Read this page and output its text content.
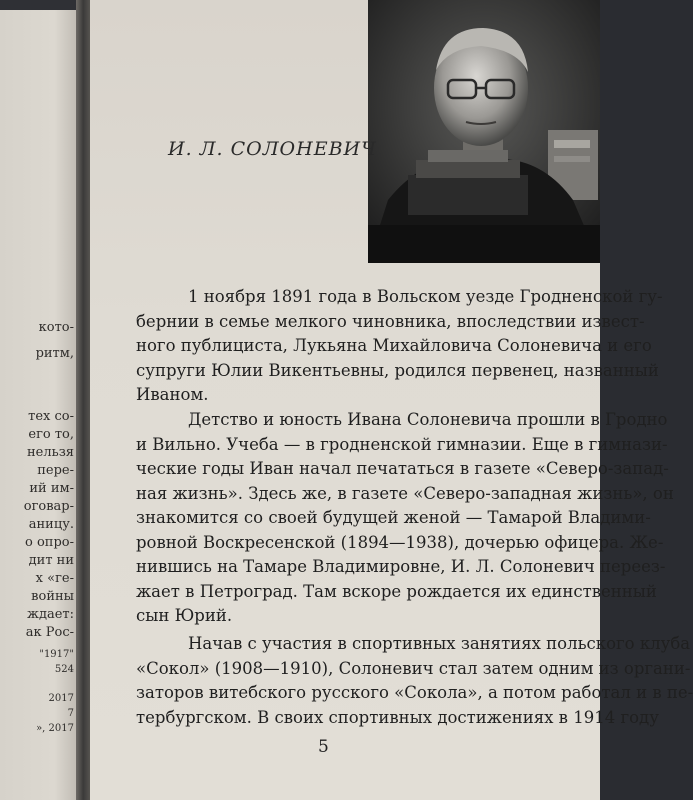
кото-
ритм,
тех со-
его то,
нельзя
пере-
ий им-
оговар-
аницу.
о опро-
дит ни
х «ге-
войны
ждает:
ак Рос-
"1917"
524
2017
7
», 2017
И. Л. СОЛОНЕВИЧ
1 ноября 1891 года в Вольском уезде Гродненской гу-
бернии в семье мелкого чиновника, впоследствии извест-
ного публициста, Лукьяна Михайловича Солоневича и его
супруги Юлии Викентьевны, родился первенец, названный
Иваном.
Детство и юность Ивана Солоневича прошли в Гродно
и Вильно. Учеба — в гродненской гимназии. Еще в гимнази-
ческие годы Иван начал печататься в газете «Северо-запад-
ная жизнь». Здесь же, в газете «Северо-западная жизнь», он
знакомится со своей будущей женой — Тамарой Владими-
ровной Воскресенской (1894—1938), дочерью офицера. Же-
нившись на Тамаре Владимировне, И. Л. Солоневич переез-
жает в Петроград. Там вскоре рождается их единственный
сын Юрий.
Начав с участия в спортивных занятиях польского клуба
«Сокол» (1908—1910), Солоневич стал затем одним из органи-
заторов витебского русского «Сокола», а потом работал и в пе-
тербургском. В своих спортивных достижениях в 1914 году
5
